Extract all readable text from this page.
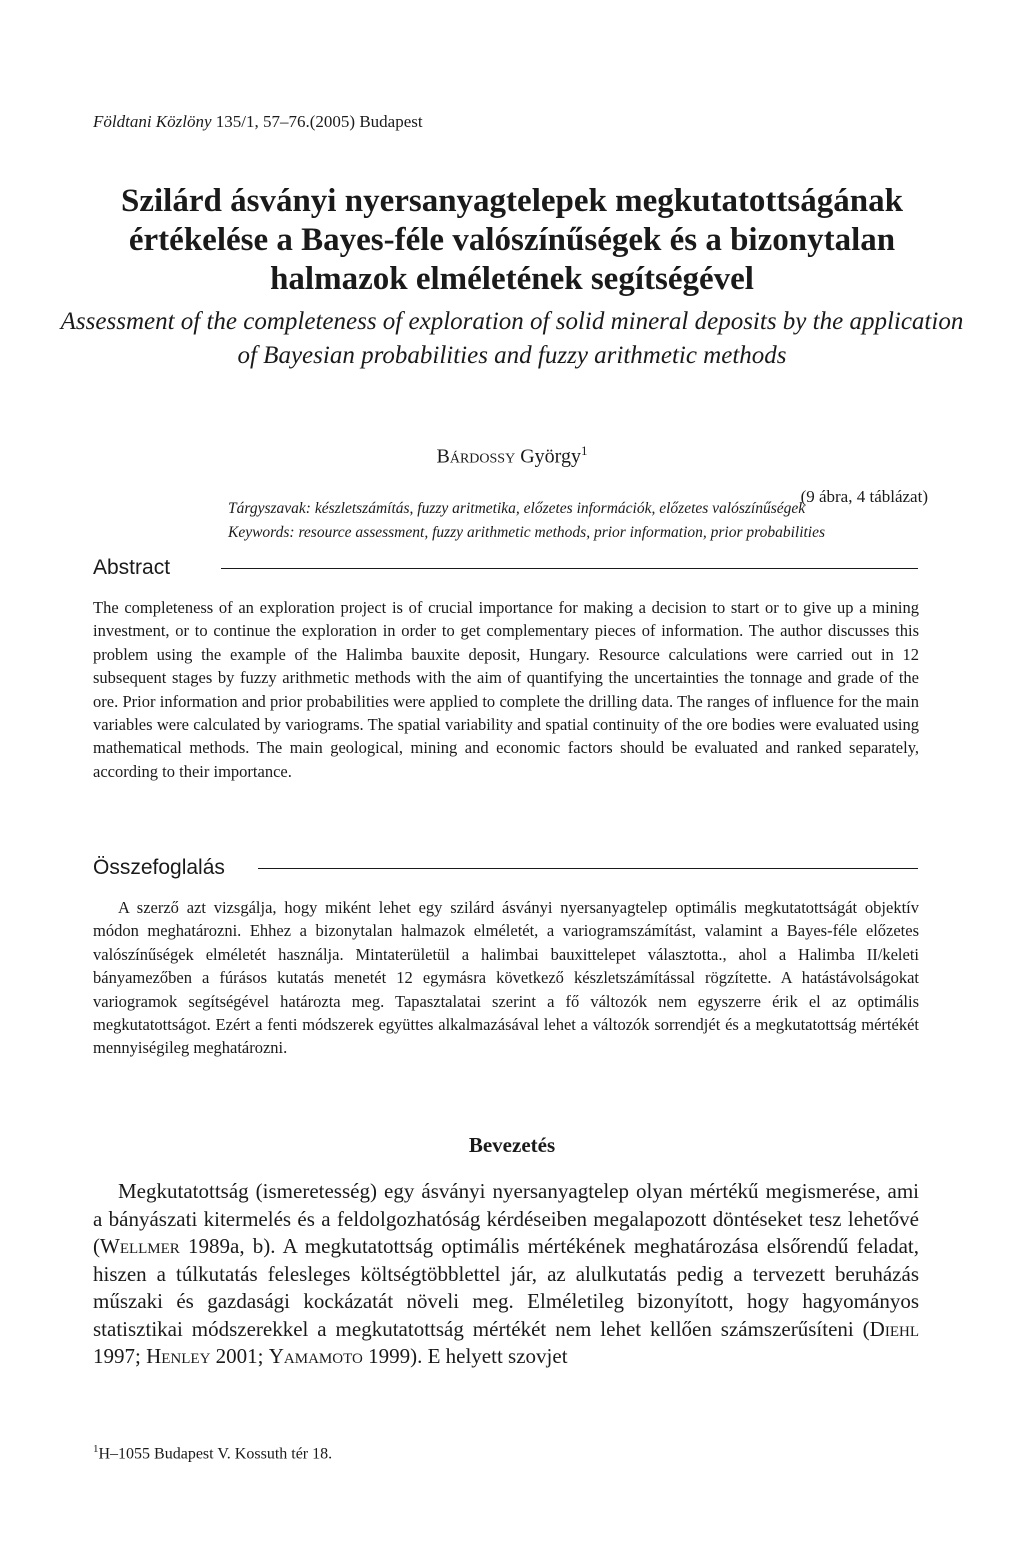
Földtani Közlöny 135/1, 57–76.(2005) Budapest
Szilárd ásványi nyersanyagtelepek megkutatottságának értékelése a Bayes-féle valószínűségek és a bizonytalan halmazok elméletének segítségével

Assessment of the completeness of exploration of solid mineral deposits by the application of Bayesian probabilities and fuzzy arithmetic methods

Bárdossy György$^1$
(9 ábra, 4 táblázat)
Tárgyszavak: készletszámítás, fuzzy aritmetika, előzetes információk, előzetes valószínűségek
Keywords: resource assessment, fuzzy arithmetic methods, prior information, prior probabilities
Abstract

The completeness of an exploration project is of crucial importance for making a decision to start or to give up a mining investment, or to continue the exploration in order to get complementary pieces of information. The author discusses this problem using the example of the Halimba bauxite deposit, Hungary. Resource calculations were carried out in 12 subsequent stages by fuzzy arithmetic methods with the aim of quantifying the uncertainties the tonnage and grade of the ore. Prior information and prior probabilities were applied to complete the drilling data. The ranges of influence for the main variables were calculated by variograms. The spatial variability and spatial continuity of the ore bodies were evaluated using mathematical methods. The main geological, mining and economic factors should be evaluated and ranked separately, according to their importance.

Összefoglalás

A szerző azt vizsgálja, hogy miként lehet egy szilárd ásványi nyersanyagtelep optimális megkutatottságát objektív módon meghatározni. Ehhez a bizonytalan halmazok elméletét, a variogramszámítást, valamint a Bayes-féle előzetes valószínűségek elméletét használja. Mintaterületül a halimbai bauxittelepet választotta., ahol a Halimba II/keleti bányamezőben a fúrásos kutatás menetét 12 egymásra következő készletszámítással rögzítette. A hatástávolságokat variogramok segítségével határozta meg. Tapasztalatai szerint a fő változók nem egyszerre érik el az optimális megkutatottságot. Ezért a fenti módszerek együttes alkalmazásával lehet a változók sorrendjét és a megkutatottság mértékét mennyiségileg meghatározni.

Bevezetés

Megkutatottság (ismeretesség) egy ásványi nyersanyagtelep olyan mértékű megismerése, ami a bányászati kitermelés és a feldolgozhatóság kérdéseiben megalapozott döntéseket tesz lehetővé (Wellmer 1989a, b). A megkutatottság optimális mértékének meghatározása elsőrendű feladat, hiszen a túlkutatás felesleges költségtöbblettel jár, az alulkutatás pedig a tervezett beruházás műszaki és gazdasági kockázatát növeli meg. Elméletileg bizonyított, hogy hagyományos statisztikai módszerekkel a megkutatottság mértékét nem lehet kellően számszerűsíteni (Diehl 1997; Henley 2001; Yamamoto 1999). E helyett szovjet

$^1$H–1055 Budapest V. Kossuth tér 18.
